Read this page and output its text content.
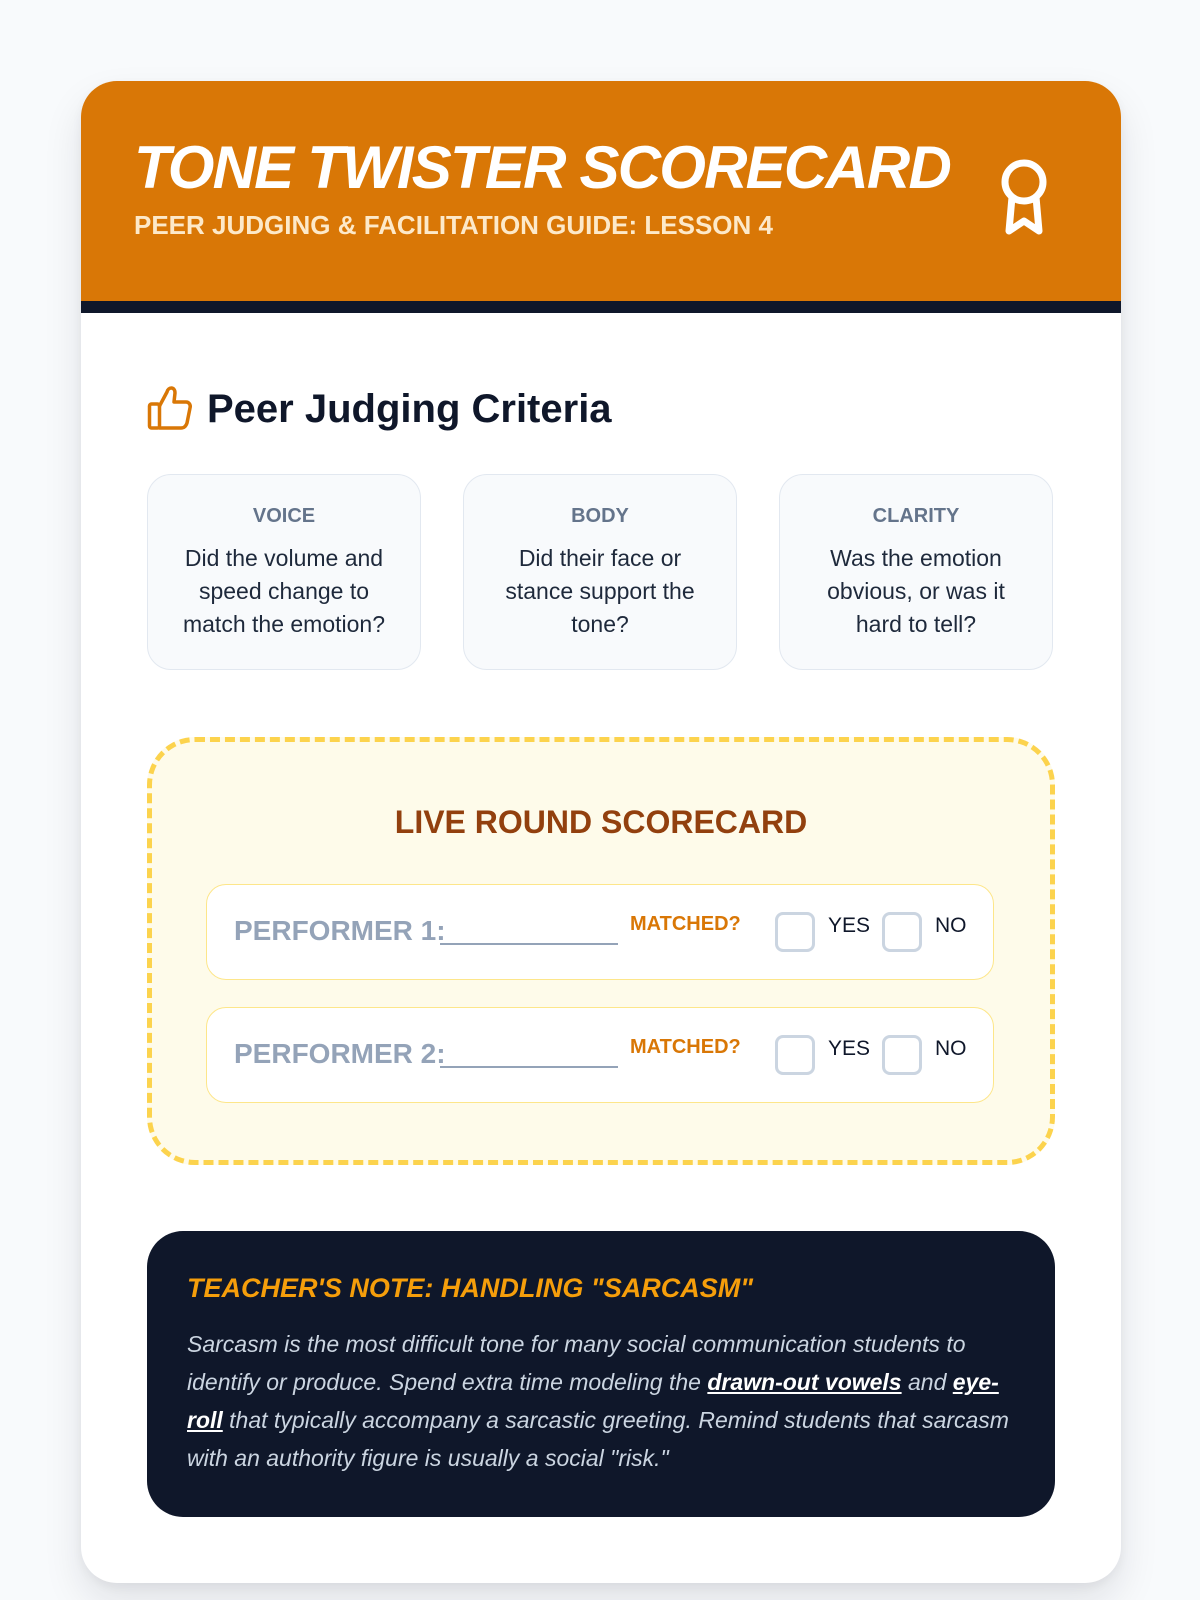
TONE TWISTER SCORECARD
PEER JUDGING & FACILITATION GUIDE: LESSON 4
Peer Judging Criteria
VOICE
Did the volume and speed change to match the emotion?
BODY
Did their face or stance support the tone?
CLARITY
Was the emotion obvious, or was it hard to tell?
LIVE ROUND SCORECARD
PERFORMER 1:	MATCHED?	YES	NO
PERFORMER 2:	MATCHED?	YES	NO
TEACHER'S NOTE: HANDLING "SARCASM"
Sarcasm is the most difficult tone for many social communication students to identify or produce. Spend extra time modeling the drawn-out vowels and eye-roll that typically accompany a sarcastic greeting. Remind students that sarcasm with an authority figure is usually a social "risk."
